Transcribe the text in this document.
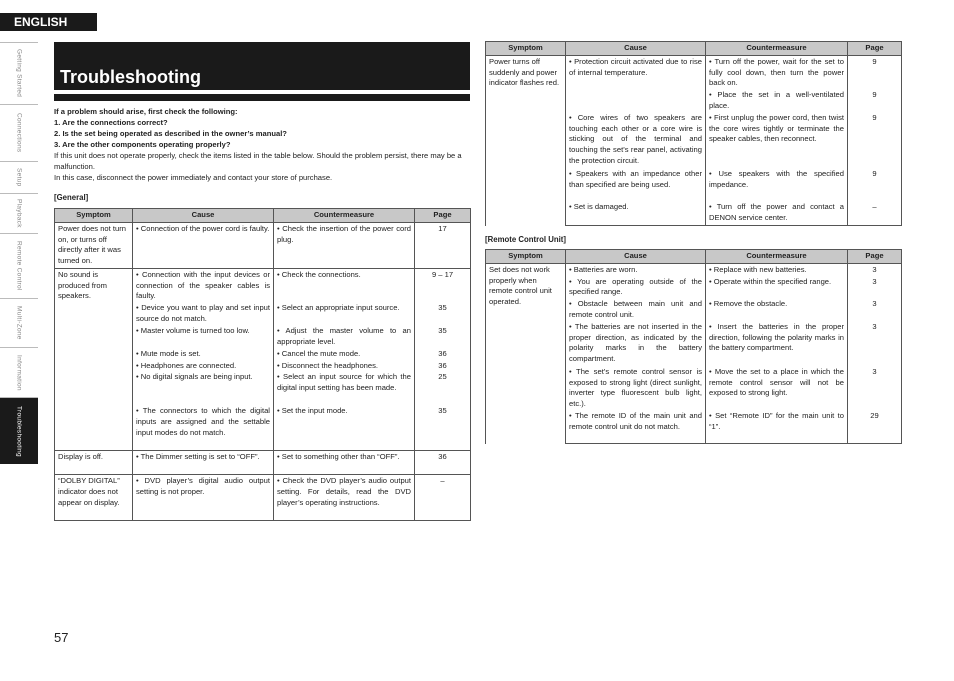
ENGLISH
Getting Started
Connections
Setup
Playback
Remote Control
Multi-Zone
Information
Troubleshooting
Troubleshooting
If a problem should arise, first check the following:
1. Are the connections correct?
2. Is the set being operated as described in the owner’s manual?
3. Are the other components operating properly?
If this unit does not operate properly, check the items listed in the table below. Should the problem persist, there may be a malfunction.
In this case, disconnect the power immediately and contact your store of purchase.
[General]
Symptom	Cause	Countermeasure	Page
Power does not turn on, or turns off directly after it was turned on.	• Connection of the power cord is faulty.	• Check the insertion of the power cord plug.	17
No sound is produced from speakers.	• Connection with the input devices or connection of the speaker cables is faulty.	• Check the connections.	9 – 17
	• Device you want to play and set input source do not match.	• Select an appropriate input source.	35
	• Master volume is turned too low.	• Adjust the master volume to an appropriate level.	35
	• Mute mode is set.	• Cancel the mute mode.	36
	• Headphones are connected.	• Disconnect the headphones.	36
	• No digital signals are being input.	• Select an input source for which the digital input setting has been made.	25
	• The connectors to which the digital inputs are assigned and the settable input modes do not match.	• Set the input mode.	35
Display is off.	• The Dimmer setting is set to “OFF”.	• Set to something other than “OFF”.	36
“DOLBY DIGITAL” indicator does not appear on display.	• DVD player’s digital audio output setting is not proper.	• Check the DVD player’s audio output setting. For details, read the DVD player’s operating instructions.	–
Symptom	Cause	Countermeasure	Page
Power turns off suddenly and power indicator flashes red.	• Protection circuit activated due to rise of internal temperature.	• Turn off the power, wait for the set to fully cool down, then turn the power back on.	9
		• Place the set in a well-ventilated place.	9
	• Core wires of two speakers are touching each other or a core wire is sticking out of the terminal and touching the set’s rear panel, activating the protection circuit.	• First unplug the power cord, then twist the core wires tightly or terminate the speaker cables, then reconnect.	9
	• Speakers with an impedance other than specified are being used.	• Use speakers with the specified impedance.	9
	• Set is damaged.	• Turn off the power and contact a DENON service center.	–
[Remote Control Unit]
Symptom	Cause	Countermeasure	Page
Set does not work properly when remote control unit operated.	• Batteries are worn.	• Replace with new batteries.	3
	• You are operating outside of the specified range.	• Operate within the specified range.	3
	• Obstacle between main unit and remote control unit.	• Remove the obstacle.	3
	• The batteries are not inserted in the proper direction, as indicated by the polarity marks in the battery compartment.	• Insert the batteries in the proper direction, following the polarity marks in the battery compartment.	3
	• The set’s remote control sensor is exposed to strong light (direct sunlight, inverter type fluorescent bulb light, etc.).	• Move the set to a place in which the remote control sensor will not be exposed to strong light.	3
	• The remote ID of the main unit and remote control unit do not match.	• Set “Remote ID” for the main unit to “1”.	29
57
